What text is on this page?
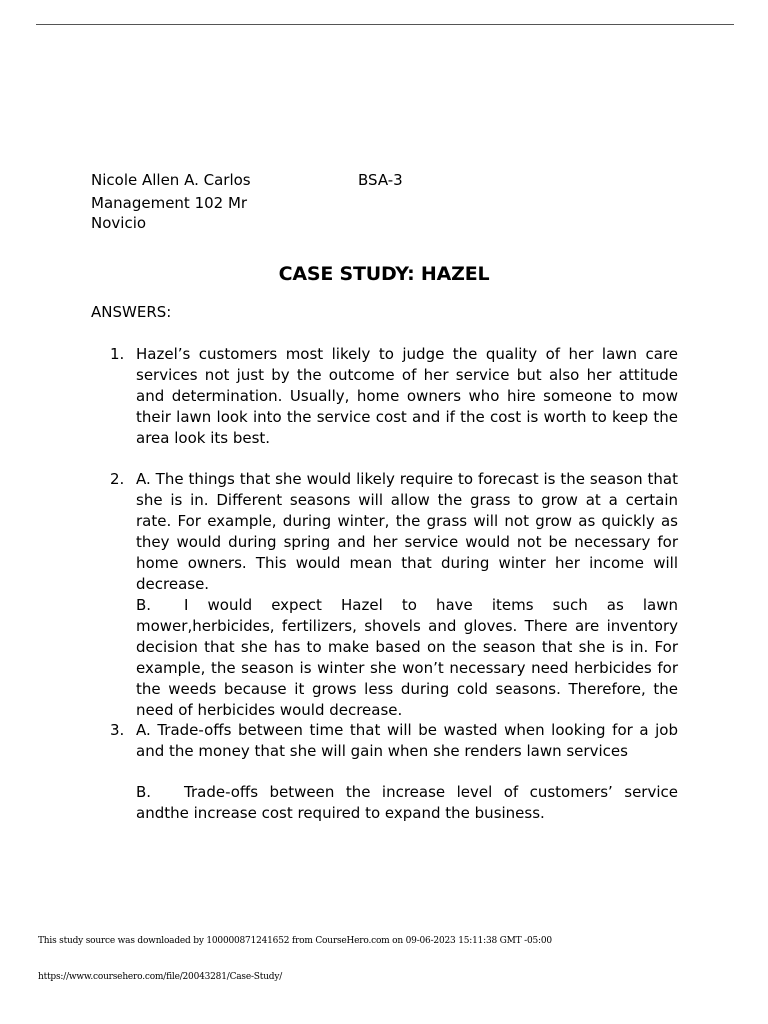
Nicole Allen A. Carlos	BSA-3
Management 102 Mr
Novicio
CASE STUDY: HAZEL
ANSWERS:
1. Hazel’s customers most likely to judge the quality of her lawn care services not just by the outcome of her service but also her attitude and determination. Usually, home owners who hire someone to mow their lawn look into the service cost and if the cost is worth to keep the area look its best.

2. A. The things that she would likely require to forecast is the season that she is in. Different seasons will allow the grass to grow at a certain rate. For example, during winter, the grass will not grow as quickly as they would during spring and her service would not be necessary for home owners. This would mean that during winter her income will decrease.

B. I would expect Hazel to have items such as lawn mower,herbicides, fertilizers, shovels and gloves. There are inventory decision that she has to make based on the season that she is in. For example, the season is winter she won’t necessary need herbicides for the weeds because it grows less during cold seasons. Therefore, the need of herbicides would decrease.

3. A. Trade-offs between time that will be wasted when looking for a job and the money that she will gain when she renders lawn services

B. Trade-offs between the increase level of customers’ service andthe increase cost required to expand the business.

This study source was downloaded by 100000871241652 from CourseHero.com on 09-06-2023 15:11:38 GMT -05:00
https://www.coursehero.com/file/20043281/Case-Study/
